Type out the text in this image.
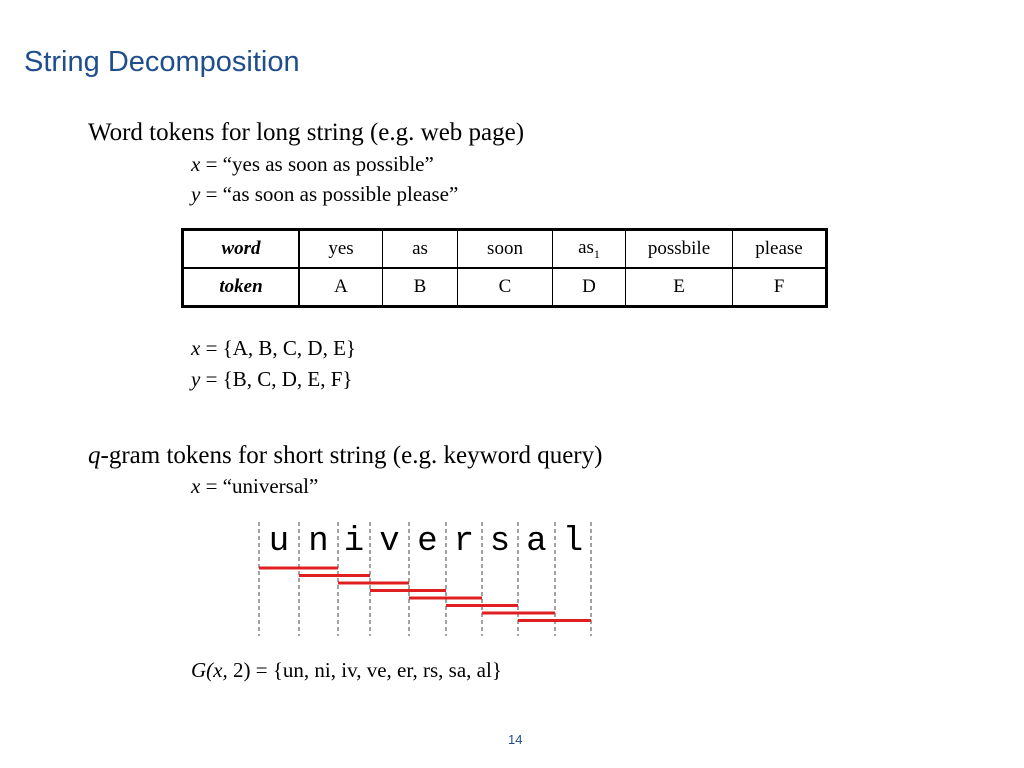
String Decomposition
Word tokens for long string (e.g. web page)
x = “yes as soon as possible”
y = “as soon as possible please”
word	yes	as	soon	$as_1$	possbile	please
token	A	B	C	D	E	F
x = {A, B, C, D, E}
y = {B, C, D, E, F}
q-gram tokens for short string (e.g. keyword query)
x = “universal”
u n i v e r s a l
G(x, 2) = {un, ni, iv, ve, er, rs, sa, al}
14
